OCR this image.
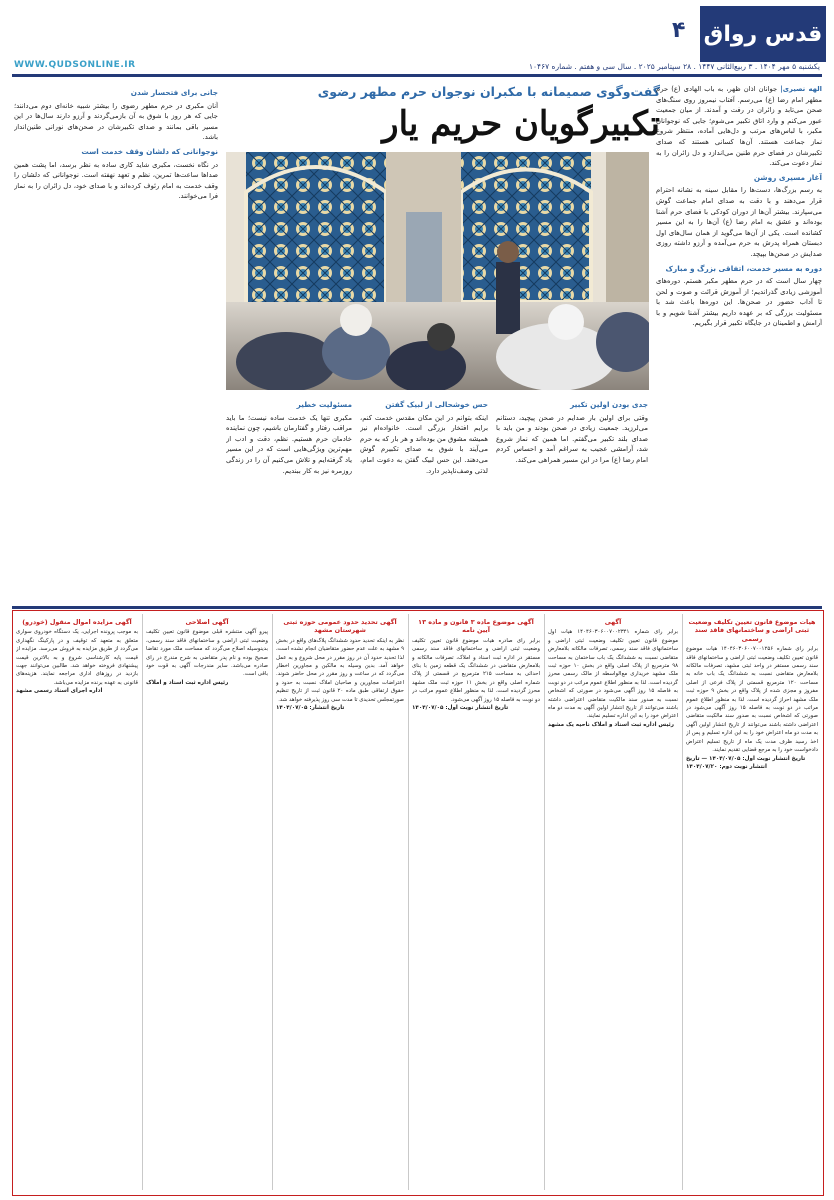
قدس رواق
۴
یکشنبه ۵ مهر ۱۴۰۴ . ۳ ربیع‌الثانی ۱۴۴۷ . ۲۸ سپتامبر ۲۰۲۵ . سال سی و هفتم . شماره ۱۰۴۶۷
WWW.QUDSONLINE.IR
گفت‌وگوی صمیمانه با مکبران نوجوان حرم مطهر رضوی
تکبیرگویان حریم یار

الهه نصیری| جوانان اذان ظهر، به باب الهادی (ع) حرم مطهر امام رضا (ع) می‌رسم. آفتاب نیمروز روی سنگ‌های صحن می‌تابد و زائران در رفت و آمدند. از میان جمعیت عبور می‌کنم و وارد اتاق تکبیر می‌شوم؛ جایی که نوجوانان مکبر، با لباس‌های مرتب و دل‌هایی آماده، منتظر شروع نماز جماعت هستند. آن‌ها کسانی هستند که صدای تکبیرشان در فضای حرم طنین می‌اندازد و دل زائران را به نماز دعوت می‌کند.

آغاز مسیری روشن

به رسم بزرگ‌ها، دست‌ها را مقابل سینه به نشانه احترام قرار می‌دهند و با دقت به صدای امام جماعت گوش می‌سپارند. بیشتر آن‌ها از دوران کودکی با فضای حرم آشنا بوده‌اند و عشق به امام رضا (ع) آن‌ها را به این مسیر کشانده است. یکی از آن‌ها می‌گوید از همان سال‌های اول دبستان همراه پدرش به حرم می‌آمده و آرزو داشته روزی صدایش در صحن‌ها بپیچد.

دوره‌ به مسیر خدمت، اتفاقی بزرگ و مبارک

چهار سال است که در حرم مطهر مکبر هستم. دوره‌های آموزشی زیادی گذراندیم؛ از آموزش قرائت و صوت و لحن تا آداب حضور در صحن‌ها. این دوره‌ها باعث شد با مسئولیت بزرگی که بر عهده داریم بیشتر آشنا شویم و با آرامش و اطمینان در جایگاه تکبیر قرار بگیریم.

جانی برای فتحسار شدن

آنان مکبری در حرم مطهر رضوی را بیشتر شبیه خانه‌ای دوم می‌دانند؛ جایی که هر روز با شوق به آن بازمی‌گردند و آرزو دارند سال‌ها در این مسیر باقی بمانند و صدای تکبیرشان در صحن‌های نورانی طنین‌انداز باشد.

نوجوانانی که دلشان وقف خدمت است

در نگاه نخست، مکبری شاید کاری ساده به نظر برسد، اما پشت همین صداها ساعت‌ها تمرین، نظم و تعهد نهفته است. نوجوانانی که دلشان را وقف خدمت به امام رئوف کرده‌اند و با صدای خود، دل زائران را به نماز فرا می‌خوانند.

عکس: امیر حسین عمومی
جدی بودن اولین تکبیر

وقتی برای اولین بار صدایم در صحن پیچید، دستانم می‌لرزید. جمعیت زیادی در صحن بودند و من باید با صدای بلند تکبیر می‌گفتم. اما همین که نماز شروع شد، آرامشی عجیب به سراغم آمد و احساس کردم امام رضا (ع) مرا در این مسیر همراهی می‌کند.

حس خوشحالی از لبیک گفتن

اینکه بتوانم در این مکان مقدس خدمت کنم، برایم افتخار بزرگی است. خانواده‌ام نیز همیشه مشوق من بوده‌اند و هر بار که به حرم می‌آیند با شوق به صدای تکبیرم گوش می‌دهند. این حس لبیک گفتن به دعوت امام، لذتی وصف‌ناپذیر دارد.

مسئولیت خطیر

مکبری تنها یک خدمت ساده نیست؛ ما باید مراقب رفتار و گفتارمان باشیم، چون نماینده خادمان حرم هستیم. نظم، دقت و ادب از مهم‌ترین ویژگی‌هایی است که در این مسیر یاد گرفته‌ایم و تلاش می‌کنیم آن را در زندگی روزمره نیز به کار ببندیم.

هیات موضوع قانون تعیین تکلیف وضعیت ثبتی اراضی و ساختمانهای فاقد سند رسمی
برابر رای شماره ۱۴۰۴۶۰۳۰۶۰۰۷۰۰۱۲۵۶ هیات موضوع قانون تعیین تکلیف وضعیت ثبتی اراضی و ساختمانهای فاقد سند رسمی مستقر در واحد ثبتی مشهد، تصرفات مالکانه بلامعارض متقاضی نسبت به ششدانگ یک باب خانه به مساحت ۱۲۰ مترمربع قسمتی از پلاک فرعی از اصلی مفروز و مجزی شده از پلاک واقع در بخش ۹ حوزه ثبت ملک مشهد احراز گردیده است. لذا به منظور اطلاع عموم مراتب در دو نوبت به فاصله ۱۵ روز آگهی می‌شود در صورتی که اشخاص نسبت به صدور سند مالکیت متقاضی اعتراضی داشته باشند می‌توانند از تاریخ انتشار اولین آگهی به مدت دو ماه اعتراض خود را به این اداره تسلیم و پس از اخذ رسید ظرف مدت یک ماه از تاریخ تسلیم اعتراض دادخواست خود را به مرجع قضایی تقدیم نمایند.
تاریخ انتشار نوبت اول: ۱۴۰۴/۰۷/۰۵ — تاریخ انتشار نوبت دوم: ۱۴۰۴/۰۷/۲۰
آگهی
برابر رای شماره ۱۴۰۴۶۰۳۰۶۰۰۷۰۰۲۳۴۱ هیات اول موضوع قانون تعیین تکلیف وضعیت ثبتی اراضی و ساختمانهای فاقد سند رسمی، تصرفات مالکانه بلامعارض متقاضی نسبت به ششدانگ یک باب ساختمان به مساحت ۹۸ مترمربع از پلاک اصلی واقع در بخش ۱۰ حوزه ثبت ملک مشهد خریداری مع‌الواسطه از مالک رسمی محرز گردیده است. لذا به منظور اطلاع عموم مراتب در دو نوبت به فاصله ۱۵ روز آگهی می‌شود در صورتی که اشخاص نسبت به صدور سند مالکیت متقاضی اعتراضی داشته باشند می‌توانند از تاریخ انتشار اولین آگهی به مدت دو ماه اعتراض خود را به این اداره تسلیم نمایند.
رئیس اداره ثبت اسناد و املاک ناحیه یک مشهد
آگهی موضوع ماده ۳ قانون و ماده ۱۳ آیین نامه
برابر رای صادره هیات موضوع قانون تعیین تکلیف وضعیت ثبتی اراضی و ساختمانهای فاقد سند رسمی مستقر در اداره ثبت اسناد و املاک، تصرفات مالکانه و بلامعارض متقاضی در ششدانگ یک قطعه زمین با بنای احداثی به مساحت ۲۱۵ مترمربع در قسمتی از پلاک شماره اصلی واقع در بخش ۱۱ حوزه ثبت ملک مشهد محرز گردیده است. لذا به منظور اطلاع عموم مراتب در دو نوبت به فاصله ۱۵ روز آگهی می‌شود.
تاریخ انتشار نوبت اول: ۱۴۰۴/۰۷/۰۵
آگهی تحدید حدود عمومی حوزه ثبتی شهرستان مشهد
نظر به اینکه تحدید حدود ششدانگ پلاک‌های واقع در بخش ۹ مشهد به علت عدم حضور متقاضیان انجام نشده است، لذا تحدید حدود آن در روز مقرر در محل شروع و به عمل خواهد آمد. بدین وسیله به مالکین و مجاورین اخطار می‌گردد که در ساعت و روز مقرر در محل حاضر شوند. اعتراضات مجاورین و صاحبان املاک نسبت به حدود و حقوق ارتفاقی طبق ماده ۲۰ قانون ثبت از تاریخ تنظیم صورتمجلس تحدیدی تا مدت سی روز پذیرفته خواهد شد.
تاریخ انتشار: ۱۴۰۴/۰۷/۰۵
آگهی اصلاحی
پیرو آگهی منتشره قبلی موضوع قانون تعیین تکلیف وضعیت ثبتی اراضی و ساختمانهای فاقد سند رسمی، بدینوسیله اصلاح می‌گردد که مساحت ملک مورد تقاضا صحیح بوده و نام پدر متقاضی به شرح مندرج در رای صادره می‌باشد. سایر مندرجات آگهی به قوت خود باقی است.
رئیس اداره ثبت اسناد و املاک
آگهی مزایده اموال منقول (خودرو)
به موجب پرونده اجرایی، یک دستگاه خودروی سواری متعلق به متعهد که توقیف و در پارکینگ نگهداری می‌گردد از طریق مزایده به فروش می‌رسد. مزایده از قیمت پایه کارشناسی شروع و به بالاترین قیمت پیشنهادی فروخته خواهد شد. طالبین می‌توانند جهت بازدید در روزهای اداری مراجعه نمایند. هزینه‌های قانونی به عهده برنده مزایده می‌باشد.
اداره اجرای اسناد رسمی مشهد
